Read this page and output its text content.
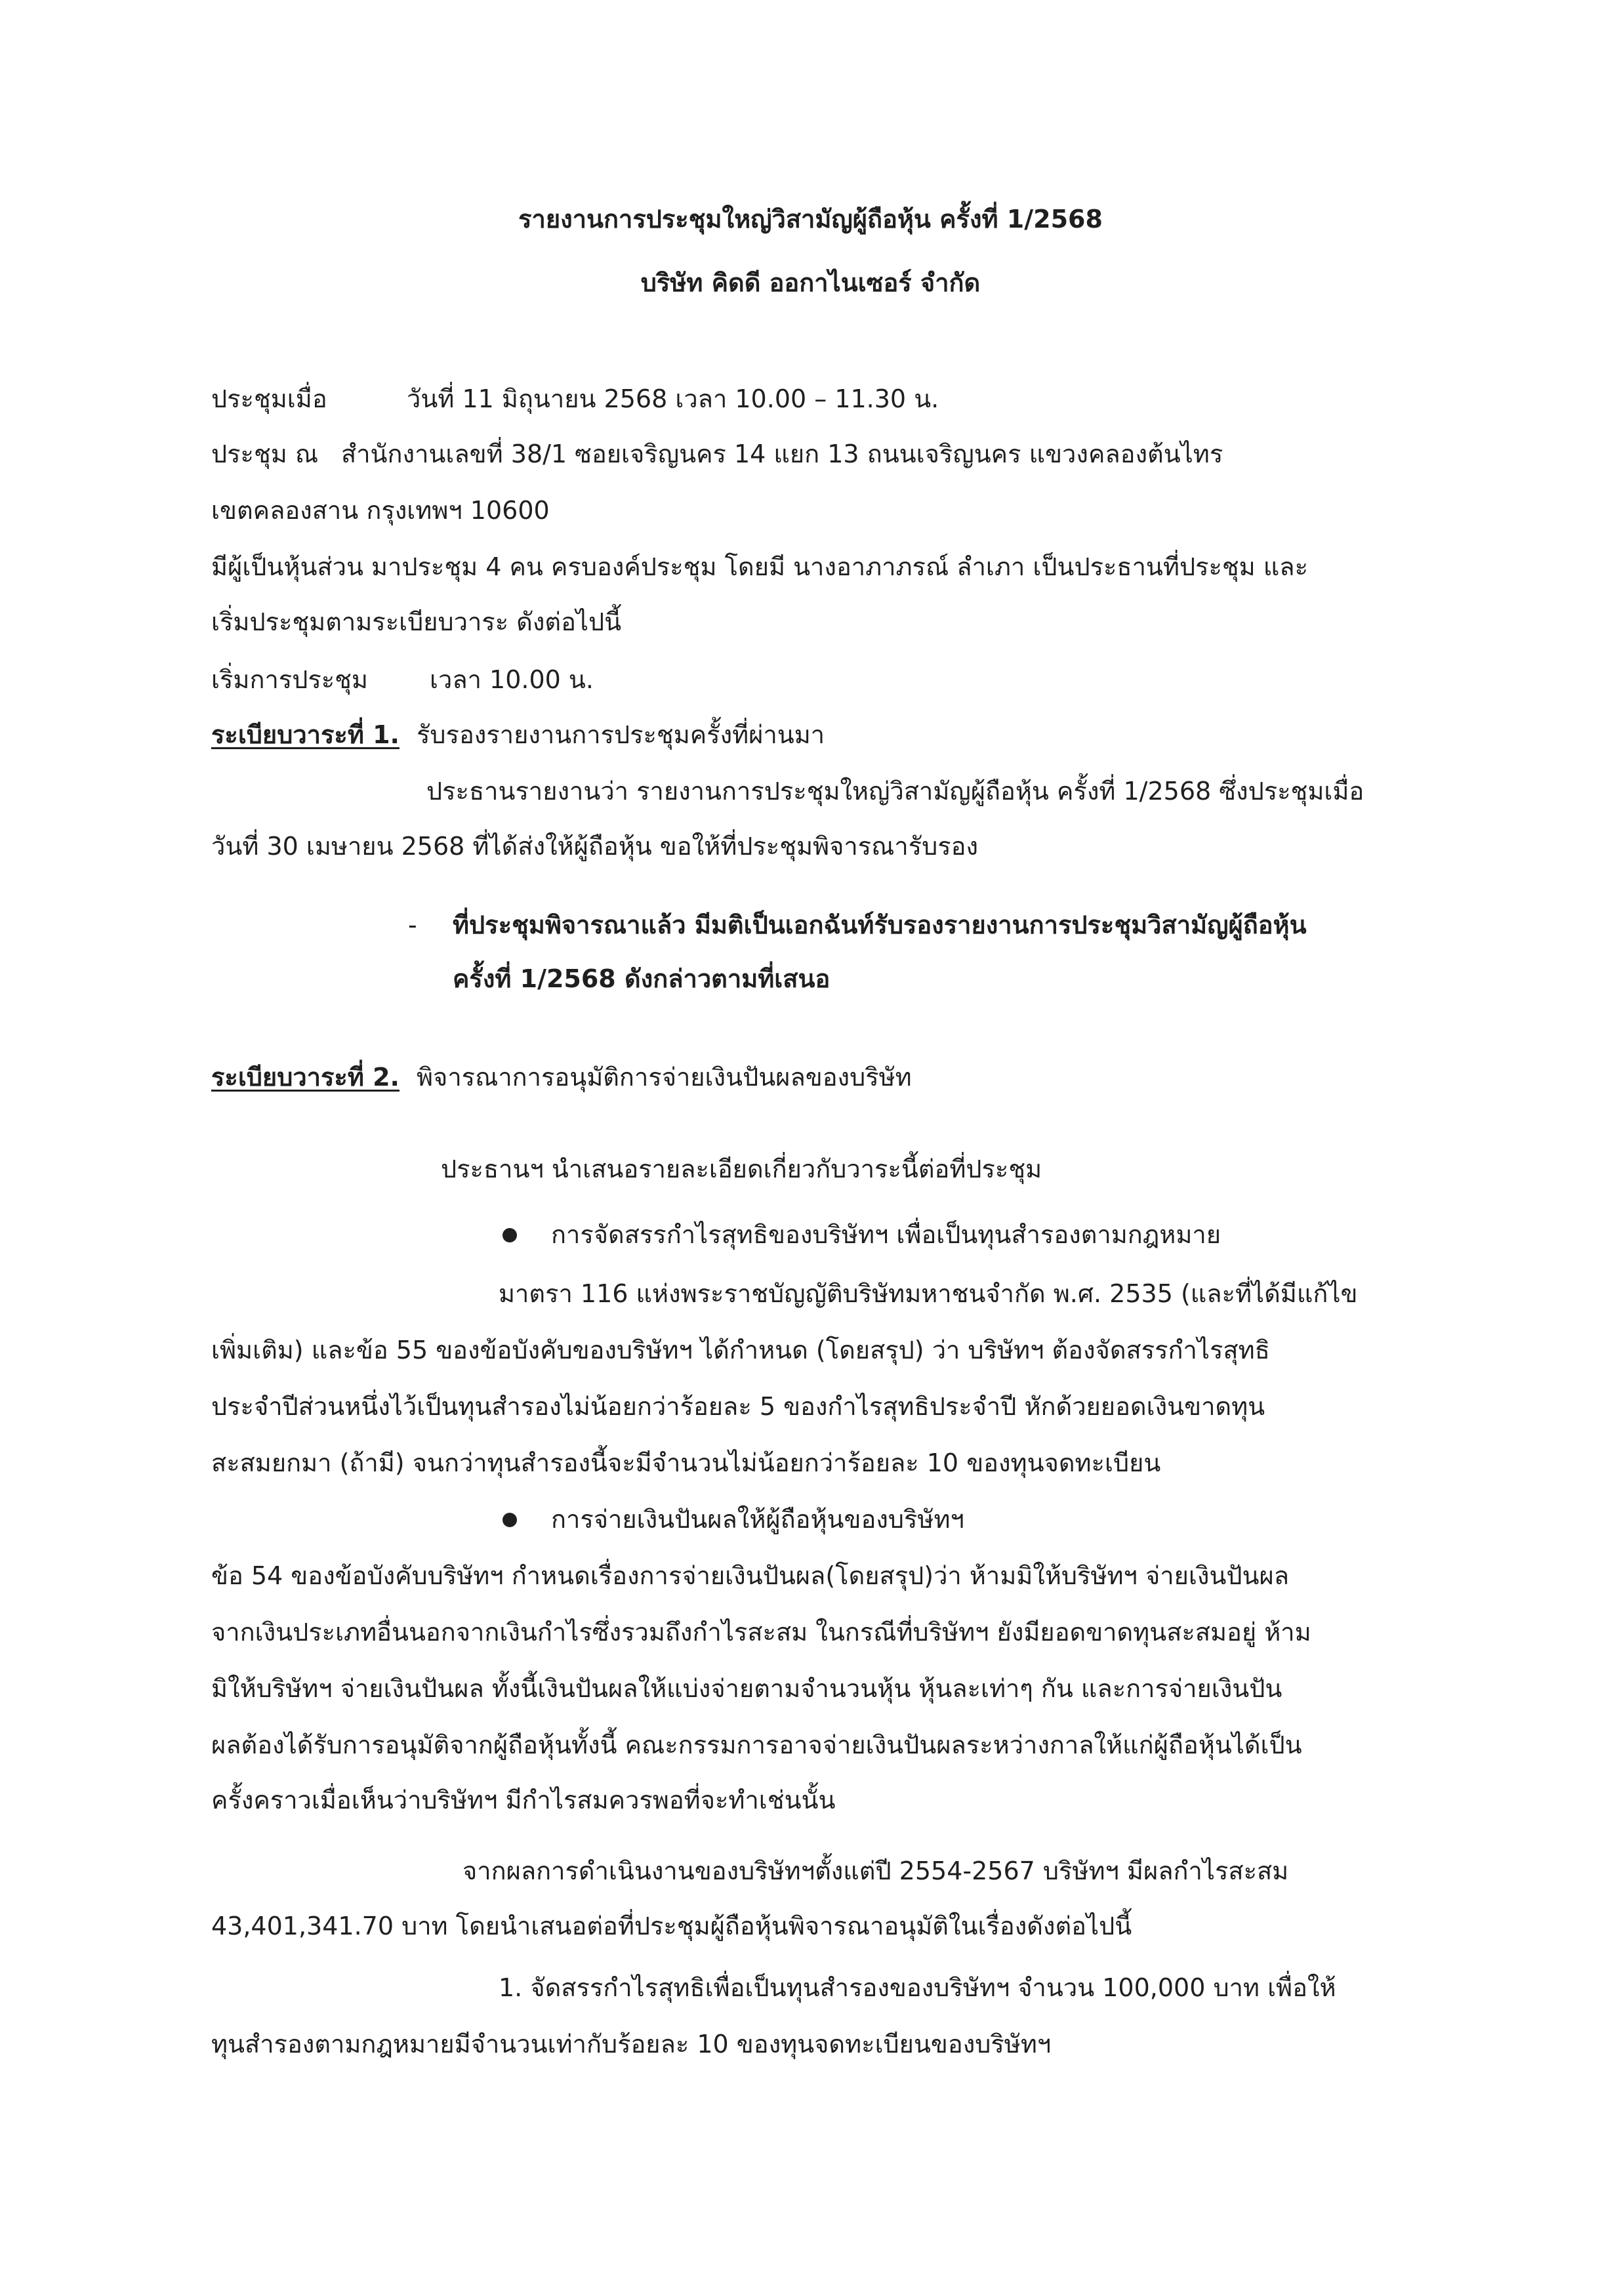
รายงานการประชุมใหญ่วิสามัญผู้ถือหุ้น ครั้งที่ 1/2568
บริษัท คิดดี ออกาไนเซอร์ จำกัด
ประชุมเมื่อ	วันที่ 11 มิถุนายน 2568 เวลา 10.00 – 11.30 น.
ประชุม ณ สำนักงานเลขที่ 38/1 ซอยเจริญนคร 14 แยก 13 ถนนเจริญนคร แขวงคลองต้นไทร
เขตคลองสาน กรุงเทพฯ 10600
มีผู้เป็นหุ้นส่วน มาประชุม 4 คน ครบองค์ประชุม โดยมี นางอาภาภรณ์ ลำเภา เป็นประธานที่ประชุม และ
เริ่มประชุมตามระเบียบวาระ ดังต่อไปนี้
เริ่มการประชุม เวลา 10.00 น.
ระเบียบวาระที่ 1. รับรองรายงานการประชุมครั้งที่ผ่านมา
ประธานรายงานว่า รายงานการประชุมใหญ่วิสามัญผู้ถือหุ้น ครั้งที่ 1/2568 ซึ่งประชุมเมื่อ
วันที่ 30 เมษายน 2568 ที่ได้ส่งให้ผู้ถือหุ้น ขอให้ที่ประชุมพิจารณารับรอง
- ที่ประชุมพิจารณาแล้ว มีมติเป็นเอกฉันท์รับรองรายงานการประชุมวิสามัญผู้ถือหุ้น
ครั้งที่ 1/2568 ดังกล่าวตามที่เสนอ
ระเบียบวาระที่ 2. พิจารณาการอนุมัติการจ่ายเงินปันผลของบริษัท
ประธานฯ นำเสนอรายละเอียดเกี่ยวกับวาระนี้ต่อที่ประชุม
การจัดสรรกำไรสุทธิของบริษัทฯ เพื่อเป็นทุนสำรองตามกฎหมาย
มาตรา 116 แห่งพระราชบัญญัติบริษัทมหาชนจำกัด พ.ศ. 2535 (และที่ได้มีแก้ไข
เพิ่มเติม) และข้อ 55 ของข้อบังคับของบริษัทฯ ได้กำหนด (โดยสรุป) ว่า บริษัทฯ ต้องจัดสรรกำไรสุทธิ
ประจำปีส่วนหนึ่งไว้เป็นทุนสำรองไม่น้อยกว่าร้อยละ 5 ของกำไรสุทธิประจำปี หักด้วยยอดเงินขาดทุน
สะสมยกมา (ถ้ามี) จนกว่าทุนสำรองนี้จะมีจำนวนไม่น้อยกว่าร้อยละ 10 ของทุนจดทะเบียน
การจ่ายเงินปันผลให้ผู้ถือหุ้นของบริษัทฯ
ข้อ 54 ของข้อบังคับบริษัทฯ กำหนดเรื่องการจ่ายเงินปันผล(โดยสรุป)ว่า ห้ามมิให้บริษัทฯ จ่ายเงินปันผล
จากเงินประเภทอื่นนอกจากเงินกำไรซึ่งรวมถึงกำไรสะสม ในกรณีที่บริษัทฯ ยังมียอดขาดทุนสะสมอยู่ ห้าม
มิให้บริษัทฯ จ่ายเงินปันผล ทั้งนี้เงินปันผลให้แบ่งจ่ายตามจำนวนหุ้น หุ้นละเท่าๆ กัน และการจ่ายเงินปัน
ผลต้องได้รับการอนุมัติจากผู้ถือหุ้นทั้งนี้ คณะกรรมการอาจจ่ายเงินปันผลระหว่างกาลให้แก่ผู้ถือหุ้นได้เป็น
ครั้งคราวเมื่อเห็นว่าบริษัทฯ มีกำไรสมควรพอที่จะทำเช่นนั้น
จากผลการดำเนินงานของบริษัทฯตั้งแต่ปี 2554-2567 บริษัทฯ มีผลกำไรสะสม
43,401,341.70 บาท โดยนำเสนอต่อที่ประชุมผู้ถือหุ้นพิจารณาอนุมัติในเรื่องดังต่อไปนี้
1. จัดสรรกำไรสุทธิเพื่อเป็นทุนสำรองของบริษัทฯ จำนวน 100,000 บาท เพื่อให้
ทุนสำรองตามกฎหมายมีจำนวนเท่ากับร้อยละ 10 ของทุนจดทะเบียนของบริษัทฯ
